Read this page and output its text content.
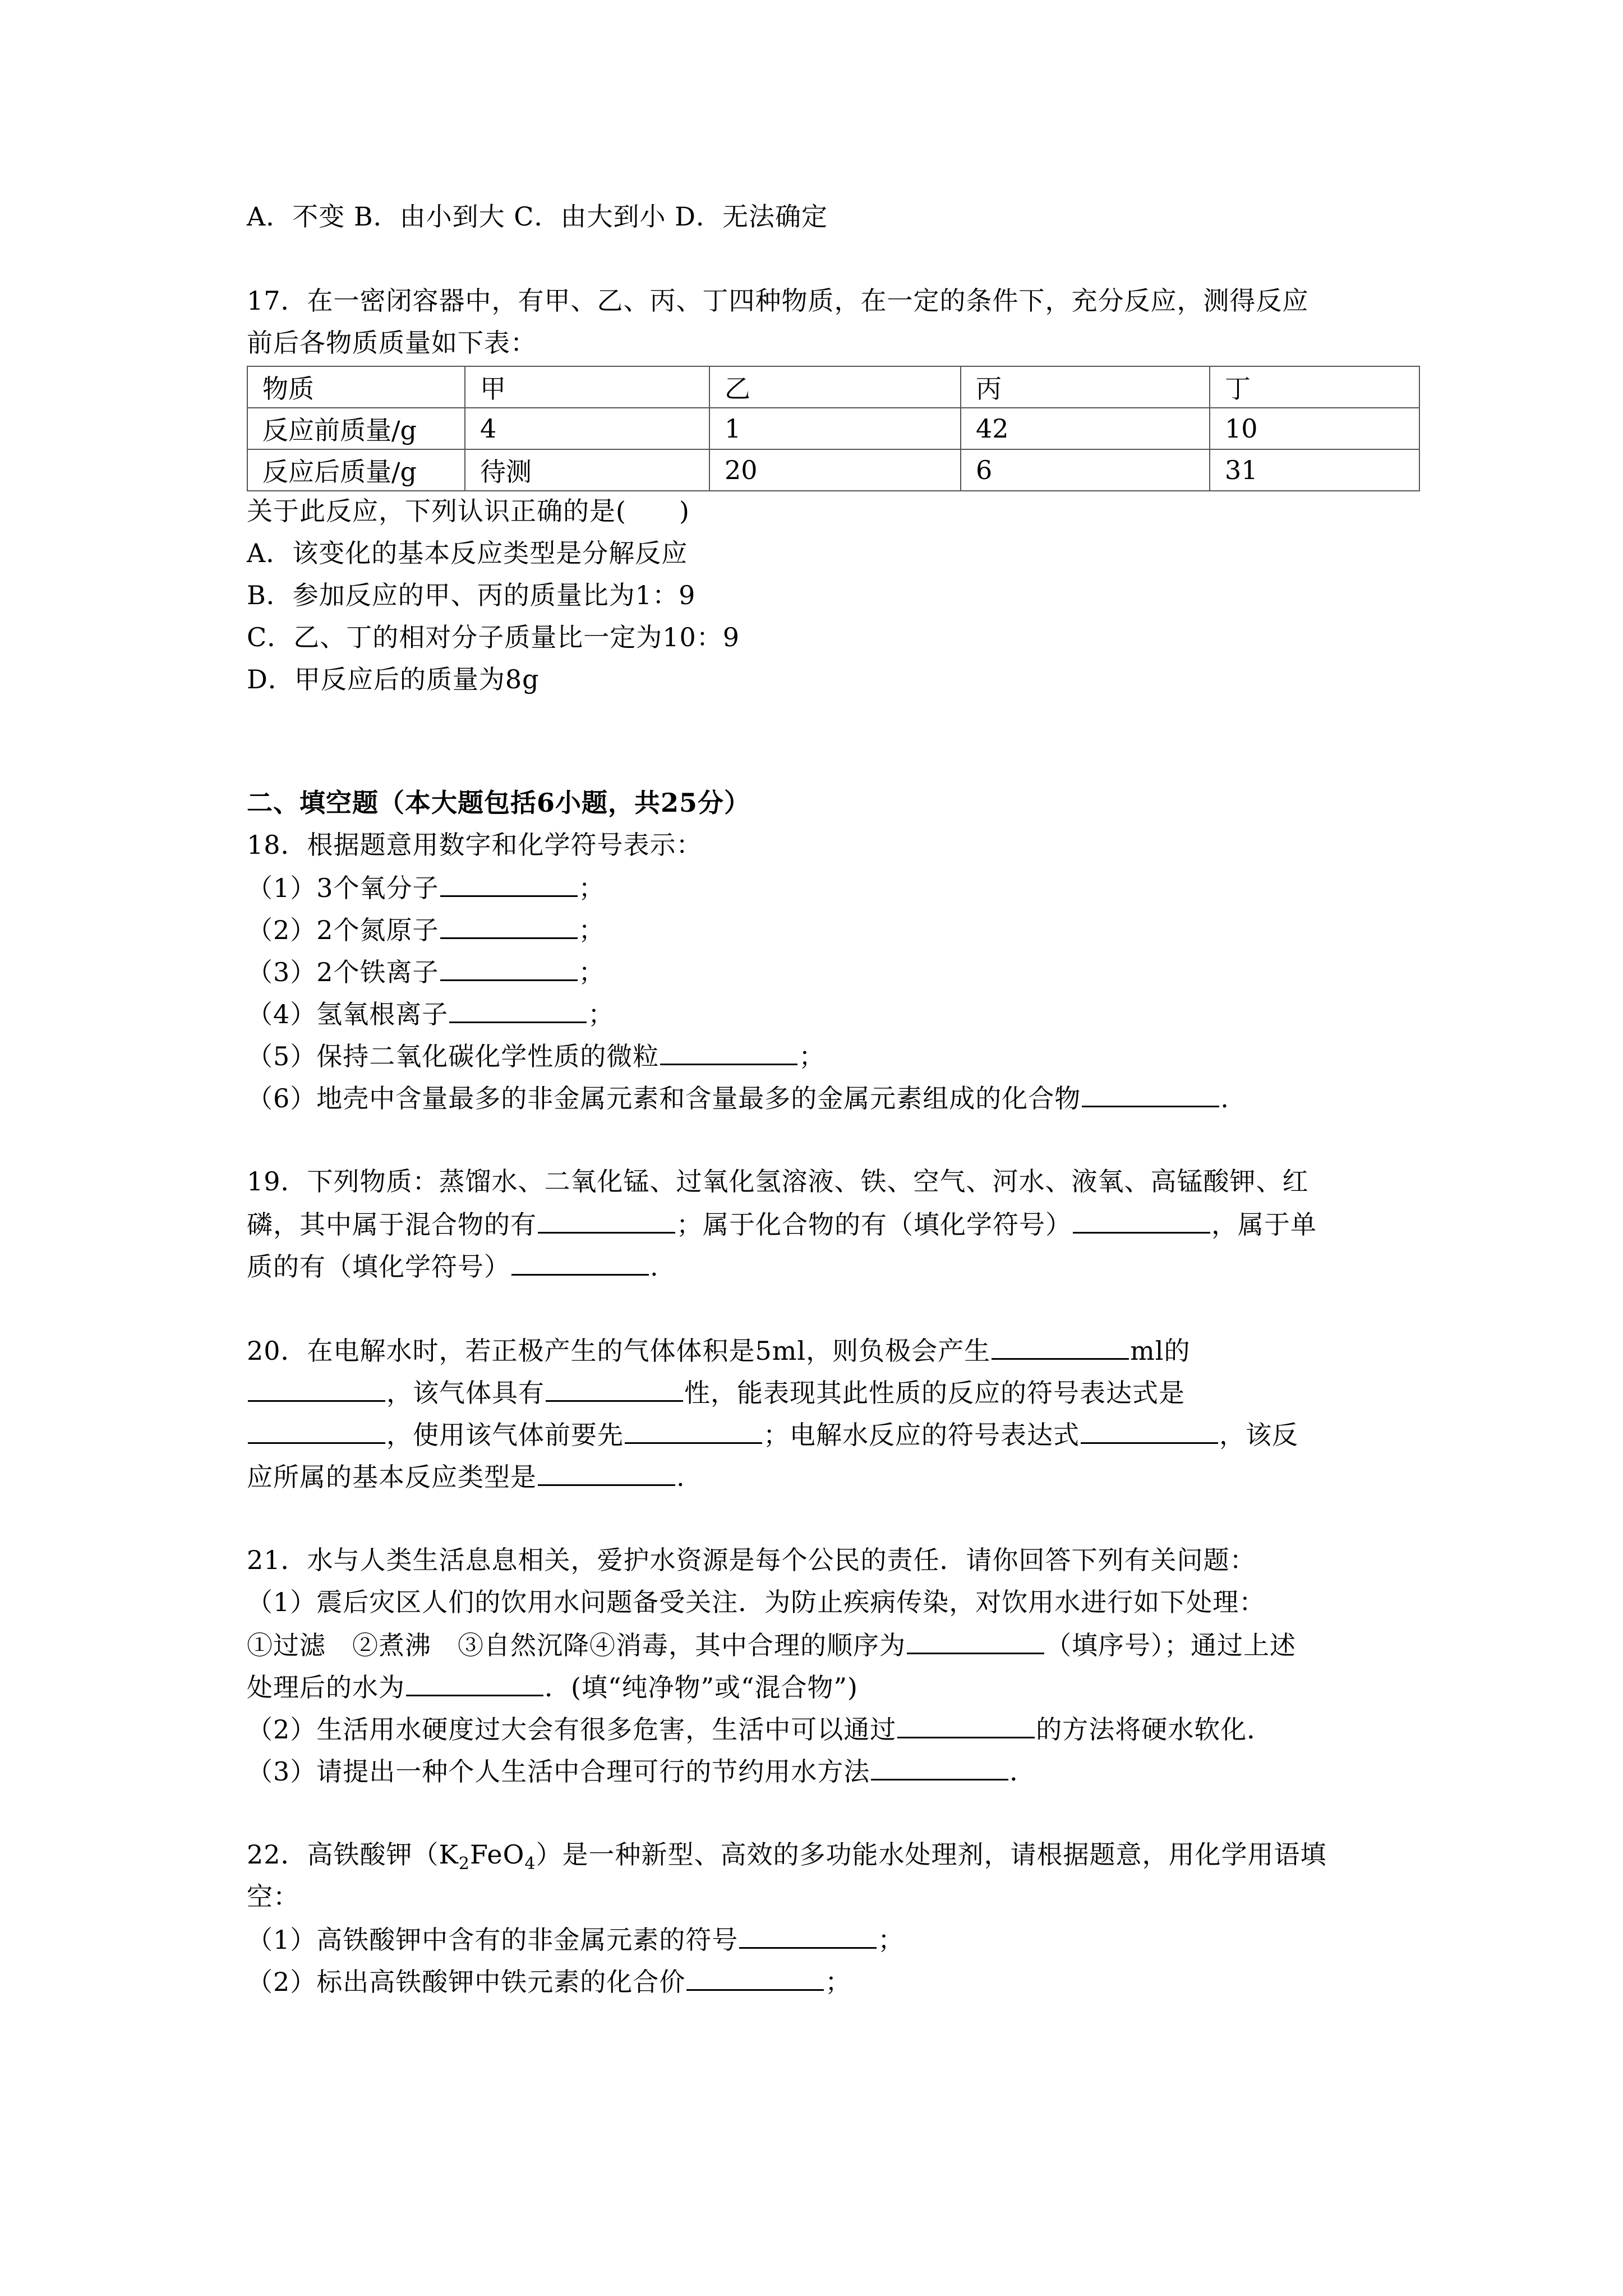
A．不变 B．由小到大 C．由大到小 D．无法确定
17．在一密闭容器中，有甲、乙、丙、丁四种物质，在一定的条件下，充分反应，测得反应
前后各物质质量如下表：
物质	甲	乙	丙	丁
反应前质量/g	4	1	42	10
反应后质量/g	待测	20	6	31
关于此反应，下列认识正确的是(　　)
A．该变化的基本反应类型是分解反应
B．参加反应的甲、丙的质量比为1：9
C．乙、丁的相对分子质量比一定为10：9
D．甲反应后的质量为8g
二、填空题（本大题包括6小题，共25分）
18．根据题意用数字和化学符号表示：
（1）3个氧分子	；
（2）2个氮原子	；
（3）2个铁离子	；
（4）氢氧根离子	；
（5）保持二氧化碳化学性质的微粒	；
（6）地壳中含量最多的非金属元素和含量最多的金属元素组成的化合物	.
19．下列物质：蒸馏水、二氧化锰、过氧化氢溶液、铁、空气、河水、液氧、高锰酸钾、红
磷，其中属于混合物的有	；属于化合物的有（填化学符号）	，属于单
质的有（填化学符号）	.
20．在电解水时，若正极产生的气体体积是5ml，则负极会产生	ml的
，该气体具有	性，能表现其此性质的反应的符号表达式是
，使用该气体前要先	；电解水反应的符号表达式	，该反
应所属的基本反应类型是	.
21．水与人类生活息息相关，爱护水资源是每个公民的责任．请你回答下列有关问题：
（1）震后灾区人们的饮用水问题备受关注．为防止疾病传染，对饮用水进行如下处理：
①过滤　②煮沸　③自然沉降④消毒，其中合理的顺序为	（填序号）；通过上述
处理后的水为	．(填“纯净物”或“混合物”)
（2）生活用水硬度过大会有很多危害，生活中可以通过	的方法将硬水软化．
（3）请提出一种个人生活中合理可行的节约用水方法	．
22．高铁酸钾$(K_2FeO_4)$是一种新型、高效的多功能水处理剂，请根据题意，用化学用语填
空：
（1）高铁酸钾中含有的非金属元素的符号	；
（2）标出高铁酸钾中铁元素的化合价	；
